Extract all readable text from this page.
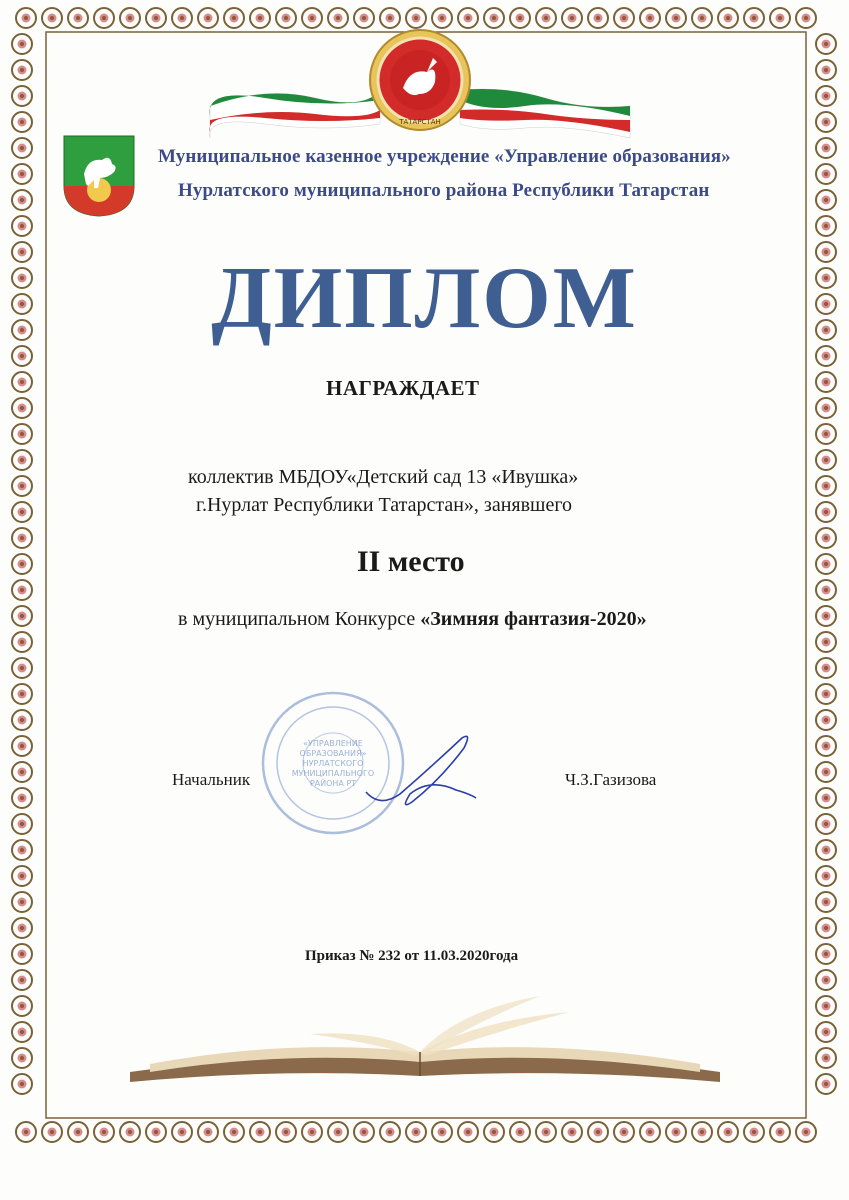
ТАТАРСТАН
Муниципальное казенное учреждение «Управление образования»
Нурлатского муниципального района Республики Татарстан
ДИПЛОМ
НАГРАЖДАЕТ
коллектив МБДОУ«Детский сад 13 «Ивушка»
г.Нурлат Республики Татарстан», занявшего
II место
в муниципальном Конкурсе «Зимняя фантазия-2020»
«УПРАВЛЕНИЕ
ОБРАЗОВАНИЯ»
НУРЛАТСКОГО
МУНИЦИПАЛЬНОГО
РАЙОНА РТ
Начальник	Ч.З.Газизова
Приказ № 232 от 11.03.2020года
